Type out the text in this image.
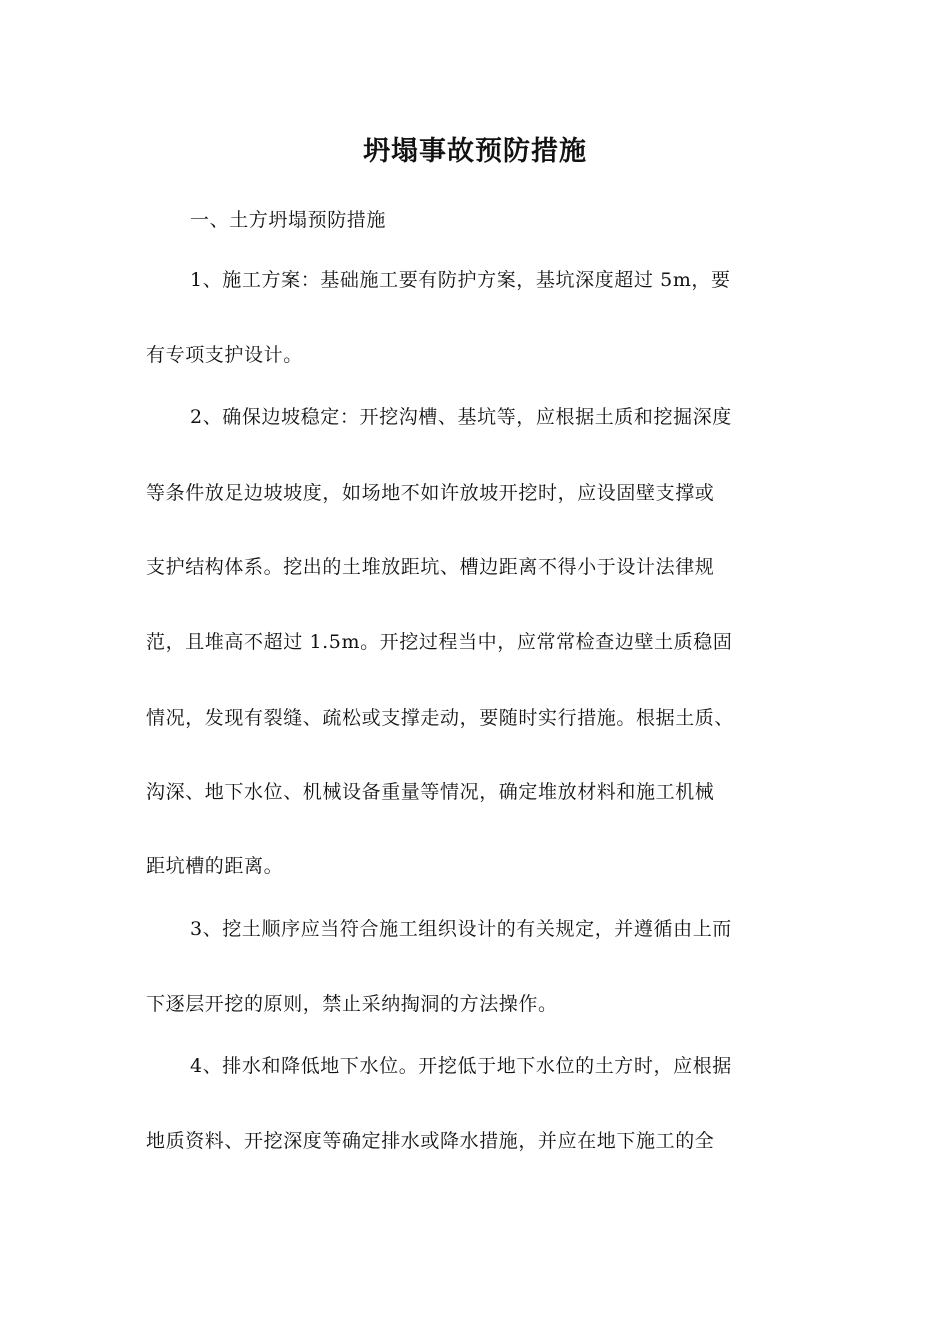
坍塌事故预防措施
一、土方坍塌预防措施
1、施工方案：基础施工要有防护方案，基坑深度超过 5m，要
有专项支护设计。
2、确保边坡稳定：开挖沟槽、基坑等，应根据土质和挖掘深度
等条件放足边坡坡度，如场地不如许放坡开挖时，应设固壁支撑或
支护结构体系。挖出的土堆放距坑、槽边距离不得小于设计法律规
范，且堆高不超过 1.5m。开挖过程当中，应常常检查边壁土质稳固
情况，发现有裂缝、疏松或支撑走动，要随时实行措施。根据土质、
沟深、地下水位、机械设备重量等情况，确定堆放材料和施工机械
距坑槽的距离。
3、挖土顺序应当符合施工组织设计的有关规定，并遵循由上而
下逐层开挖的原则，禁止采纳掏洞的方法操作。
4、排水和降低地下水位。开挖低于地下水位的土方时，应根据
地质资料、开挖深度等确定排水或降水措施，并应在地下施工的全
